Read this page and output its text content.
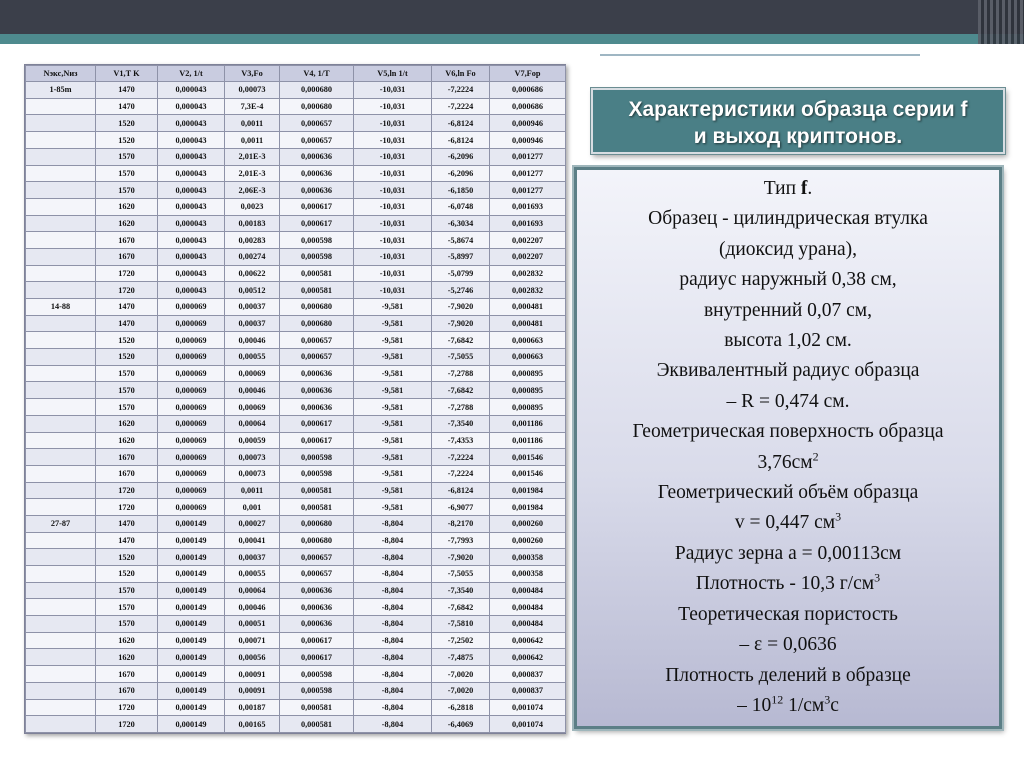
Nэкс,Nиз	V1,T K	V2, 1/t	V3,Fo	V4, 1/T	V5,ln 1/t	V6,ln Fo	V7,Fop
1-85m	1470	0,000043	0,00073	0,000680	-10,031	-7,2224	0,000686
	1470	0,000043	7,3E-4	0,000680	-10,031	-7,2224	0,000686
	1520	0,000043	0,0011	0,000657	-10,031	-6,8124	0,000946
	1520	0,000043	0,0011	0,000657	-10,031	-6,8124	0,000946
	1570	0,000043	2,01E-3	0,000636	-10,031	-6,2096	0,001277
	1570	0,000043	2,01E-3	0,000636	-10,031	-6,2096	0,001277
	1570	0,000043	2,06E-3	0,000636	-10,031	-6,1850	0,001277
	1620	0,000043	0,0023	0,000617	-10,031	-6,0748	0,001693
	1620	0,000043	0,00183	0,000617	-10,031	-6,3034	0,001693
	1670	0,000043	0,00283	0,000598	-10,031	-5,8674	0,002207
	1670	0,000043	0,00274	0,000598	-10,031	-5,8997	0,002207
	1720	0,000043	0,00622	0,000581	-10,031	-5,0799	0,002832
	1720	0,000043	0,00512	0,000581	-10,031	-5,2746	0,002832
14-88	1470	0,000069	0,00037	0,000680	-9,581	-7,9020	0,000481
	1470	0,000069	0,00037	0,000680	-9,581	-7,9020	0,000481
	1520	0,000069	0,00046	0,000657	-9,581	-7,6842	0,000663
	1520	0,000069	0,00055	0,000657	-9,581	-7,5055	0,000663
	1570	0,000069	0,00069	0,000636	-9,581	-7,2788	0,000895
	1570	0,000069	0,00046	0,000636	-9,581	-7,6842	0,000895
	1570	0,000069	0,00069	0,000636	-9,581	-7,2788	0,000895
	1620	0,000069	0,00064	0,000617	-9,581	-7,3540	0,001186
	1620	0,000069	0,00059	0,000617	-9,581	-7,4353	0,001186
	1670	0,000069	0,00073	0,000598	-9,581	-7,2224	0,001546
	1670	0,000069	0,00073	0,000598	-9,581	-7,2224	0,001546
	1720	0,000069	0,0011	0,000581	-9,581	-6,8124	0,001984
	1720	0,000069	0,001	0,000581	-9,581	-6,9077	0,001984
27-87	1470	0,000149	0,00027	0,000680	-8,804	-8,2170	0,000260
	1470	0,000149	0,00041	0,000680	-8,804	-7,7993	0,000260
	1520	0,000149	0,00037	0,000657	-8,804	-7,9020	0,000358
	1520	0,000149	0,00055	0,000657	-8,804	-7,5055	0,000358
	1570	0,000149	0,00064	0,000636	-8,804	-7,3540	0,000484
	1570	0,000149	0,00046	0,000636	-8,804	-7,6842	0,000484
	1570	0,000149	0,00051	0,000636	-8,804	-7,5810	0,000484
	1620	0,000149	0,00071	0,000617	-8,804	-7,2502	0,000642
	1620	0,000149	0,00056	0,000617	-8,804	-7,4875	0,000642
	1670	0,000149	0,00091	0,000598	-8,804	-7,0020	0,000837
	1670	0,000149	0,00091	0,000598	-8,804	-7,0020	0,000837
	1720	0,000149	0,00187	0,000581	-8,804	-6,2818	0,001074
	1720	0,000149	0,00165	0,000581	-8,804	-6,4069	0,001074
Характеристики образца серии f
и выход криптонов.
Тип f.
Образец - цилиндрическая втулка
(диоксид урана),
радиус наружный 0,38 см,
внутренний 0,07 см,
высота 1,02 см.
Эквивалентный радиус образца
– R = 0,474 см.
Геометрическая поверхность образца
$3,76см^2$
Геометрический объём образца
v = 0,447 $см^3$
Радиус зерна a = 0,00113см
Плотность - 10,3 $г/см^3$
Теоретическая пористость
– ε = 0,0636
Плотность делений в образце
– $10^{12}$ $1/см^3с$
